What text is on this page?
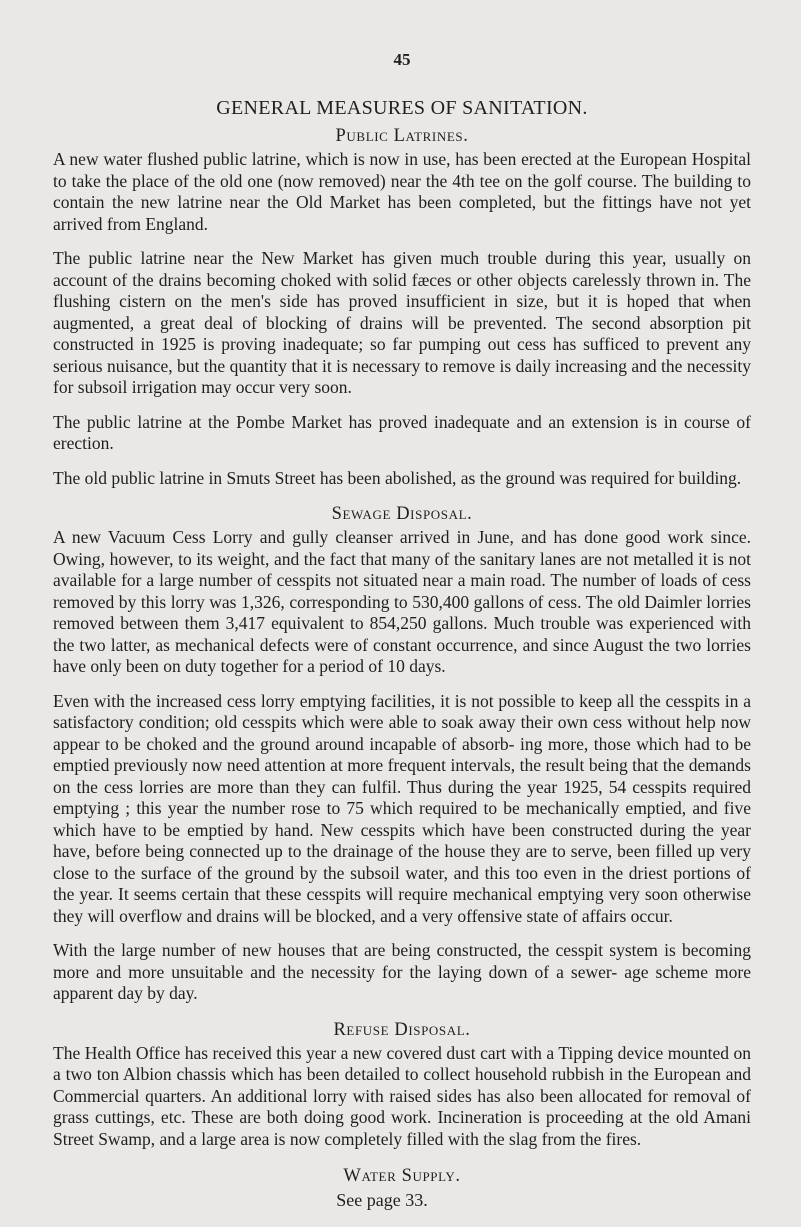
45
GENERAL MEASURES OF SANITATION.
Public Latrines.

A new water flushed public latrine, which is now in use, has been erected at the European Hospital to take the place of the old one (now removed) near the 4th tee on the golf course. The building to contain the new latrine near the Old Market has been completed, but the fittings have not yet arrived from England.

The public latrine near the New Market has given much trouble during this year, usually on account of the drains becoming choked with solid fæces or other objects carelessly thrown in. The flushing cistern on the men's side has proved insufficient in size, but it is hoped that when augmented, a great deal of blocking of drains will be prevented. The second absorption pit constructed in 1925 is proving inadequate; so far pumping out cess has sufficed to prevent any serious nuisance, but the quantity that it is necessary to remove is daily increasing and the necessity for subsoil irrigation may occur very soon.

The public latrine at the Pombe Market has proved inadequate and an extension is in course of erection.

The old public latrine in Smuts Street has been abolished, as the ground was required for building.

Sewage Disposal.

A new Vacuum Cess Lorry and gully cleanser arrived in June, and has done good work since. Owing, however, to its weight, and the fact that many of the sanitary lanes are not metalled it is not available for a large number of cesspits not situated near a main road. The number of loads of cess removed by this lorry was 1,326, corresponding to 530,400 gallons of cess. The old Daimler lorries removed between them 3,417 equivalent to 854,250 gallons. Much trouble was experienced with the two latter, as mechanical defects were of constant occurrence, and since August the two lorries have only been on duty together for a period of 10 days.

Even with the increased cess lorry emptying facilities, it is not possible to keep all the cesspits in a satisfactory condition; old cesspits which were able to soak away their own cess without help now appear to be choked and the ground around incapable of absorb- ing more, those which had to be emptied previously now need attention at more frequent intervals, the result being that the demands on the cess lorries are more than they can fulfil. Thus during the year 1925, 54 cesspits required emptying ; this year the number rose to 75 which required to be mechanically emptied, and five which have to be emptied by hand. New cesspits which have been constructed during the year have, before being connected up to the drainage of the house they are to serve, been filled up very close to the surface of the ground by the subsoil water, and this too even in the driest portions of the year. It seems certain that these cesspits will require mechanical emptying very soon otherwise they will overflow and drains will be blocked, and a very offensive state of affairs occur.

With the large number of new houses that are being constructed, the cesspit system is becoming more and more unsuitable and the necessity for the laying down of a sewer- age scheme more apparent day by day.

Refuse Disposal.

The Health Office has received this year a new covered dust cart with a Tipping device mounted on a two ton Albion chassis which has been detailed to collect household rubbish in the European and Commercial quarters. An additional lorry with raised sides has also been allocated for removal of grass cuttings, etc. These are both doing good work. Incineration is proceeding at the old Amani Street Swamp, and a large area is now completely filled with the slag from the fires.

Water Supply.
See page 33.
